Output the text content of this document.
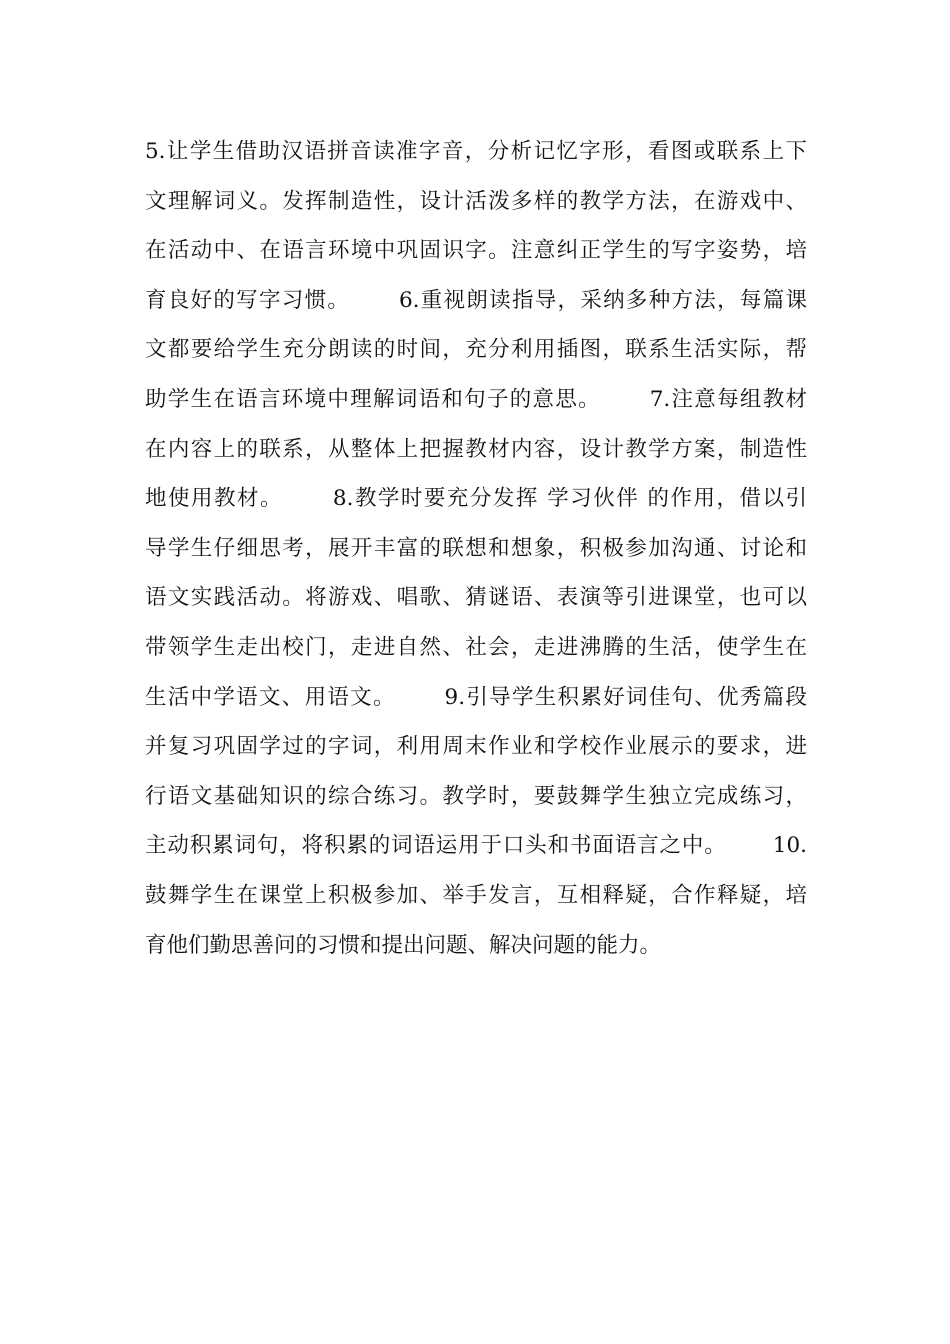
5.让学生借助汉语拼音读准字音，分析记忆字形，看图或联系上下
文理解词义。发挥制造性，设计活泼多样的教学方法，在游戏中、
在活动中、在语言环境中巩固识字。注意纠正学生的写字姿势，培
育良好的写字习惯。      6.重视朗读指导，采纳多种方法，每篇课
文都要给学生充分朗读的时间，充分利用插图，联系生活实际，帮
助学生在语言环境中理解词语和句子的意思。      7.注意每组教材
在内容上的联系，从整体上把握教材内容，设计教学方案，制造性
地使用教材。      8.教学时要充分发挥 学习伙伴 的作用，借以引
导学生仔细思考，展开丰富的联想和想象，积极参加沟通、讨论和
语文实践活动。将游戏、唱歌、猜谜语、表演等引进课堂，也可以
带领学生走出校门，走进自然、社会，走进沸腾的生活，使学生在
生活中学语文、用语文。      9.引导学生积累好词佳句、优秀篇段
并复习巩固学过的字词，利用周末作业和学校作业展示的要求，进
行语文基础知识的综合练习。教学时，要鼓舞学生独立完成练习，
主动积累词句，将积累的词语运用于口头和书面语言之中。      10.
鼓舞学生在课堂上积极参加、举手发言，互相释疑，合作释疑，培
育他们勤思善问的习惯和提出问题、解决问题的能力。
